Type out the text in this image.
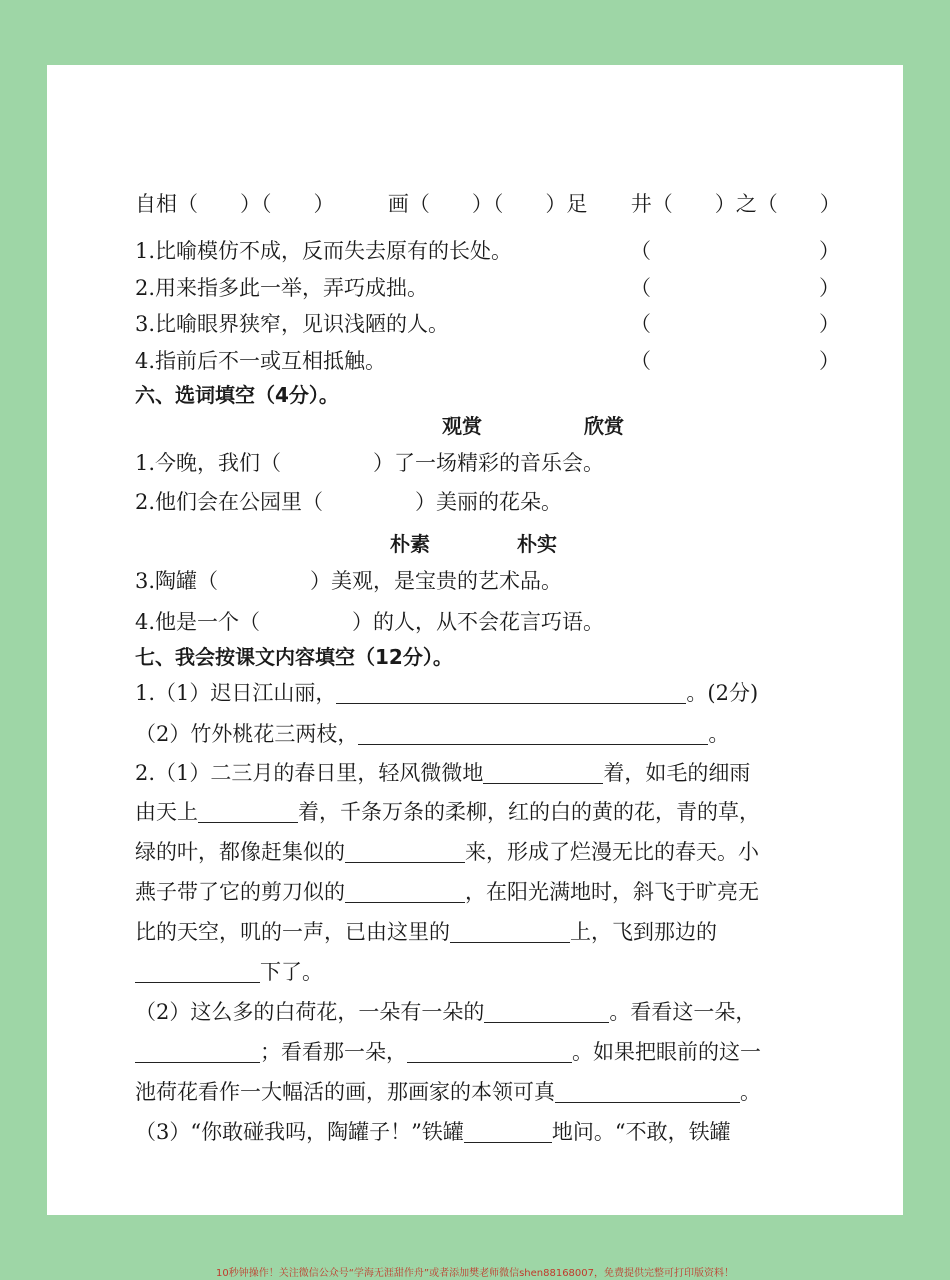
自相（　　）（　　）	画（　　）（　　）足 井（　　）之（　　）
1.比喻模仿不成，反而失去原有的长处。	（　　　　　　　　）
2.用来指多此一举，弄巧成拙。	（　　　　　　　　）
3.比喻眼界狭窄，见识浅陋的人。	（　　　　　　　　）
4.指前后不一或互相抵触。	（　　　　　　　　）
六、选词填空（4分）。
观赏	欣赏
1.今晚，我们（	）了一场精彩的音乐会。
2.他们会在公园里（	）美丽的花朵。
朴素	朴实
3.陶罐（	）美观，是宝贵的艺术品。
4.他是一个（	）的人，从不会花言巧语。
七、我会按课文内容填空（12分）。
1.（1）迟日江山丽，	。(2分)
（2）竹外桃花三两枝，	。
2.（1）二三月的春日里，轻风微微地	着，如毛的细雨
由天上	着，千条万条的柔柳，红的白的黄的花，青的草，
绿的叶，都像赶集似的	来，形成了烂漫无比的春天。小
燕子带了它的剪刀似的	，在阳光满地时，斜飞于旷亮无
比的天空，叽的一声，已由这里的	上，飞到那边的
下了。
（2）这么多的白荷花，一朵有一朵的	。看看这一朵，
；看看那一朵，	。如果把眼前的这一
池荷花看作一大幅活的画，那画家的本领可真	。
（3）“你敢碰我吗，陶罐子！”铁罐	地问。“不敢，铁罐
10秒钟操作！关注微信公众号“学海无涯甜作舟”或者添加樊老师微信shen88168007，免费提供完整可打印版资料！
